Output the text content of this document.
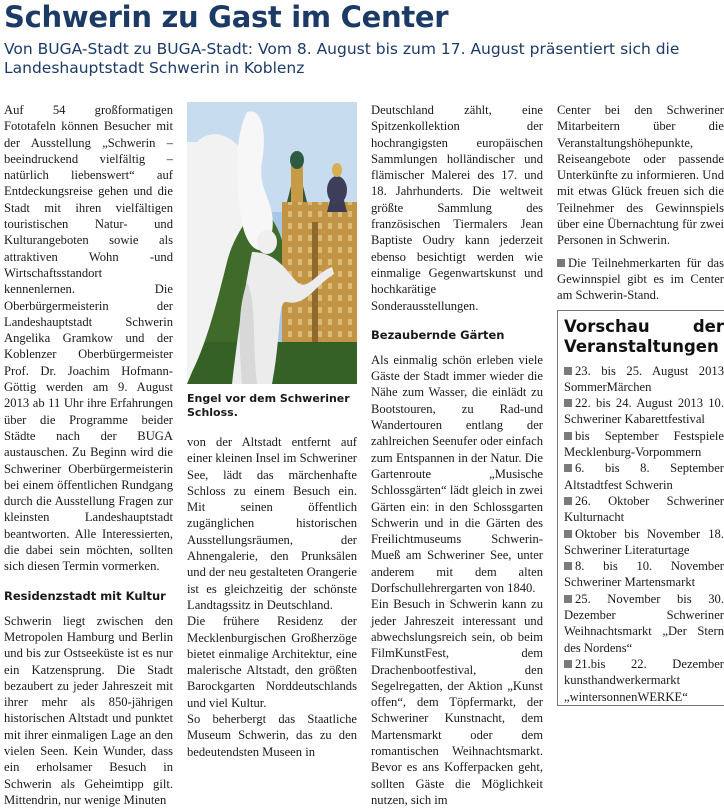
Schwerin zu Gast im Center
Von BUGA-Stadt zu BUGA-Stadt: Vom 8. August bis zum 17. August präsentiert sich die Landeshauptstadt Schwerin in Koblenz

Auf 54 großformatigen Fototafeln können Besucher mit der Ausstellung „Schwerin – beeindruckend vielfältig – natürlich liebenswert“ auf Entdeckungsreise gehen und die Stadt mit ihren vielfältigen touristischen Natur- und Kulturangeboten sowie als attraktiven Wohn -und Wirtschaftsstandort kennenlernen. Die Oberbürgermeisterin der Landeshauptstadt Schwerin Angelika Gramkow und der Koblenzer Oberbürgermeister Prof. Dr. Joachim Hofmann-Göttig werden am 9. August 2013 ab 11 Uhr ihre Erfahrungen über die Programme beider Städte nach der BUGA austauschen. Zu Beginn wird die Schweriner Oberbürgermeisterin bei einem öffentlichen Rundgang durch die Ausstellung Fragen zur kleinsten Landeshauptstadt beantworten. Alle Interessierten, die dabei sein möchten, sollten sich diesen Termin vormerken.

Residenzstadt mit Kultur

Schwerin liegt zwischen den Metropolen Hamburg und Berlin und bis zur Ostseeküste ist es nur ein Katzensprung. Die Stadt bezaubert zu jeder Jahreszeit mit ihrer mehr als 850-jährigen historischen Altstadt und punktet mit ihrer einmaligen Lage an den vielen Seen. Kein Wunder, dass ein erholsamer Besuch in Schwerin als Geheimtipp gilt. Mittendrin, nur wenige Minuten

Engel vor dem Schweriner Schloss.

von der Altstadt entfernt auf einer kleinen Insel im Schweriner See, lädt das märchenhafte Schloss zu einem Besuch ein. Mit seinen öffentlich zugänglichen historischen Ausstellungsräumen, der Ahnengalerie, den Prunksälen und der neu gestalteten Orangerie ist es gleichzeitig der schönste Landtagssitz in Deutschland.

Die frühere Residenz der Mecklenburgischen Großherzöge bietet einmalige Architektur, eine malerische Altstadt, den größten Barockgarten Norddeutschlands und viel Kultur.

So beherbergt das Staatliche Museum Schwerin, das zu den bedeutendsten Museen in

Deutschland zählt, eine Spitzenkollektion der hochrangigsten europäischen Sammlungen holländischer und flämischer Malerei des 17. und 18. Jahrhunderts. Die weltweit größte Sammlung des französischen Tiermalers Jean Baptiste Oudry kann jederzeit ebenso besichtigt werden wie einmalige Gegenwartskunst und hochkarätige Sonderausstellungen.

Bezaubernde Gärten

Als einmalig schön erleben viele Gäste der Stadt immer wieder die Nähe zum Wasser, die einlädt zu Bootstouren, zu Rad-und Wandertouren entlang der zahlreichen Seenufer oder einfach zum Entspannen in der Natur. Die Gartenroute „Musische Schlossgärten“ lädt gleich in zwei Gärten ein: in den Schlossgarten Schwerin und in die Gärten des Freilichtmuseums Schwerin-Mueß am Schweriner See, unter anderem mit dem alten Dorfschullehrergarten von 1840.

Ein Besuch in Schwerin kann zu jeder Jahreszeit interessant und abwechslungsreich sein, ob beim FilmKunstFest, dem Drachenbootfestival, den Segelregatten, der Aktion „Kunst offen“, dem Töpfermarkt, der Schweriner Kunstnacht, dem Martensmarkt oder dem romantischen Weihnachtsmarkt. Bevor es ans Kofferpacken geht, sollten Gäste die Möglichkeit nutzen, sich im

Center bei den Schweriner Mitarbeitern über die Veranstaltungshöhepunkte, Reiseangebote oder passende Unterkünfte zu informieren. Und mit etwas Glück freuen sich die Teilnehmer des Gewinnspiels über eine Übernachtung für zwei Personen in Schwerin.

Die Teilnehmerkarten für das Gewinnspiel gibt es im Center am Schwerin-Stand.

Vorschau der Veranstaltungen

23. bis 25. August 2013 SommerMärchen

22. bis 24. August 2013 10. Schweriner Kabarettfestival

bis September Festspiele Mecklenburg-Vorpommern

6. bis 8. September Altstadtfest Schwerin

26. Oktober Schweriner Kulturnacht

Oktober bis November 18. Schweriner Literaturtage

8. bis 10. November Schweriner Martensmarkt

25. November bis 30. Dezember Schweriner Weihnachtsmarkt „Der Stern des Nordens“

21.bis 22. Dezember kunsthandwerkermarkt „wintersonnenWERKE“
